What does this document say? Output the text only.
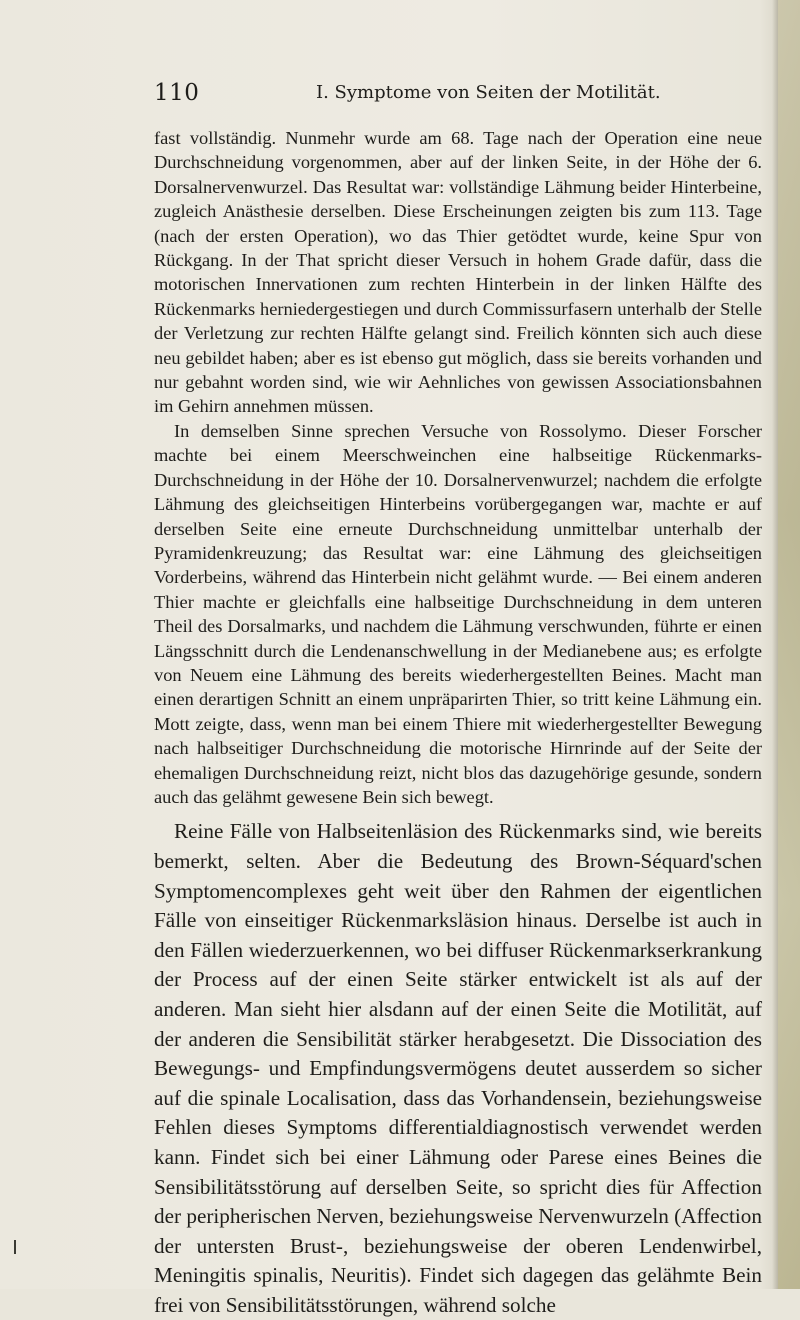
110	I. Symptome von Seiten der Motilität.

fast vollständig. Nunmehr wurde am 68. Tage nach der Operation eine neue Durchschneidung vorgenommen, aber auf der linken Seite, in der Höhe der 6. Dorsalnervenwurzel. Das Resultat war: vollständige Lähmung beider Hinterbeine, zugleich Anästhesie derselben. Diese Erscheinungen zeigten bis zum 113. Tage (nach der ersten Operation), wo das Thier getödtet wurde, keine Spur von Rückgang. In der That spricht dieser Versuch in hohem Grade dafür, dass die motorischen Innervationen zum rechten Hinterbein in der linken Hälfte des Rückenmarks herniedergestiegen und durch Commissurfasern unterhalb der Stelle der Verletzung zur rechten Hälfte gelangt sind. Freilich könnten sich auch diese neu gebildet haben; aber es ist ebenso gut möglich, dass sie bereits vorhanden und nur gebahnt worden sind, wie wir Aehnliches von gewissen Associationsbahnen im Gehirn annehmen müssen.

In demselben Sinne sprechen Versuche von Rossolymo. Dieser Forscher machte bei einem Meerschweinchen eine halbseitige Rückenmarks-Durchschneidung in der Höhe der 10. Dorsalnervenwurzel; nachdem die erfolgte Lähmung des gleichseitigen Hinterbeins vorübergegangen war, machte er auf derselben Seite eine erneute Durchschneidung unmittelbar unterhalb der Pyramidenkreuzung; das Resultat war: eine Lähmung des gleichseitigen Vorderbeins, während das Hinterbein nicht gelähmt wurde. — Bei einem anderen Thier machte er gleichfalls eine halbseitige Durchschneidung in dem unteren Theil des Dorsalmarks, und nachdem die Lähmung verschwunden, führte er einen Längsschnitt durch die Lendenanschwellung in der Medianebene aus; es erfolgte von Neuem eine Lähmung des bereits wiederhergestellten Beines. Macht man einen derartigen Schnitt an einem unpräparirten Thier, so tritt keine Lähmung ein. Mott zeigte, dass, wenn man bei einem Thiere mit wiederhergestellter Bewegung nach halbseitiger Durchschneidung die motorische Hirnrinde auf der Seite der ehemaligen Durchschneidung reizt, nicht blos das dazugehörige gesunde, sondern auch das gelähmt gewesene Bein sich bewegt.

Reine Fälle von Halbseitenläsion des Rückenmarks sind, wie bereits bemerkt, selten. Aber die Bedeutung des Brown-Séquard'schen Symptomencomplexes geht weit über den Rahmen der eigentlichen Fälle von einseitiger Rückenmarksläsion hinaus. Derselbe ist auch in den Fällen wiederzuerkennen, wo bei diffuser Rückenmarkserkrankung der Process auf der einen Seite stärker entwickelt ist als auf der anderen. Man sieht hier alsdann auf der einen Seite die Motilität, auf der anderen die Sensibilität stärker herabgesetzt. Die Dissociation des Bewegungs- und Empfindungsvermögens deutet ausserdem so sicher auf die spinale Localisation, dass das Vorhandensein, beziehungsweise Fehlen dieses Symptoms differentialdiagnostisch verwendet werden kann. Findet sich bei einer Lähmung oder Parese eines Beines die Sensibilitätsstörung auf derselben Seite, so spricht dies für Affection der peripherischen Nerven, beziehungsweise Nervenwurzeln (Affection der untersten Brust-, beziehungsweise der oberen Lendenwirbel, Meningitis spinalis, Neuritis). Findet sich dagegen das gelähmte Bein frei von Sensibilitätsstörungen, während solche
